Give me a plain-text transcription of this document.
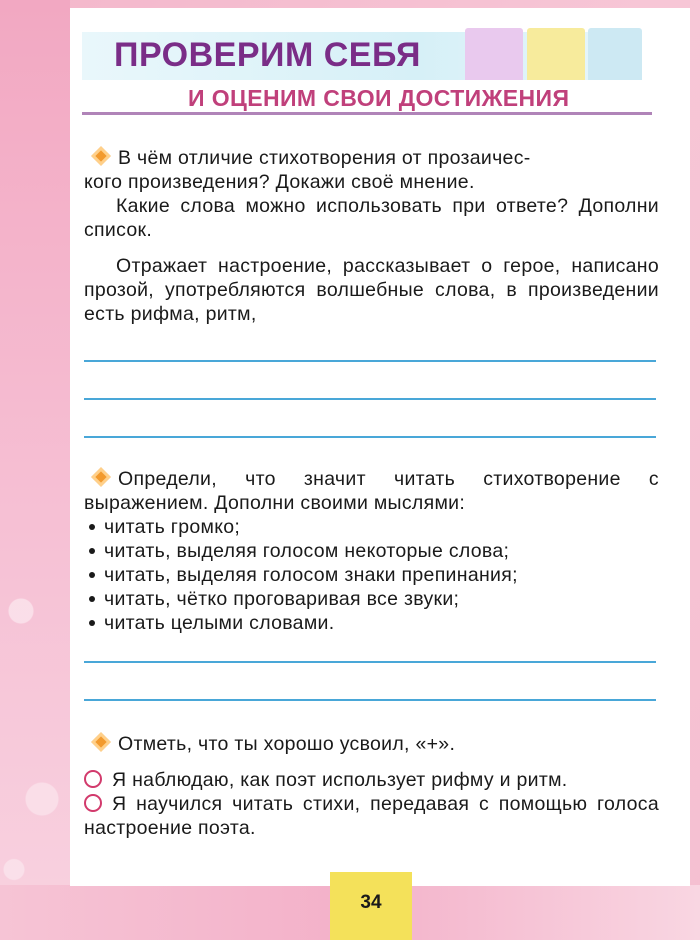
ПРОВЕРИМ СЕБЯ
И ОЦЕНИМ СВОИ ДОСТИЖЕНИЯ

В чём отличие стихотворения от прозаичес-
кого произведения? Докажи своё мнение.

Какие слова можно использовать при ответе? Дополни список.

Отражает настроение, рассказывает о герое, написано прозой, употребляются волшебные слова, в произведении есть рифма, ритм,

Определи, что значит читать стихотворение с выражением. Дополни своими мыслями:

читать громко;
читать, выделяя голосом некоторые слова;
читать, выделяя голосом знаки препинания;
читать, чётко проговаривая все звуки;
читать целыми словами.

Отметь, что ты хорошо усвоил, «+».

Я наблюдаю, как поэт использует рифму и ритм.

Я научился читать стихи, передавая с помощью голоса настроение поэта.

34
